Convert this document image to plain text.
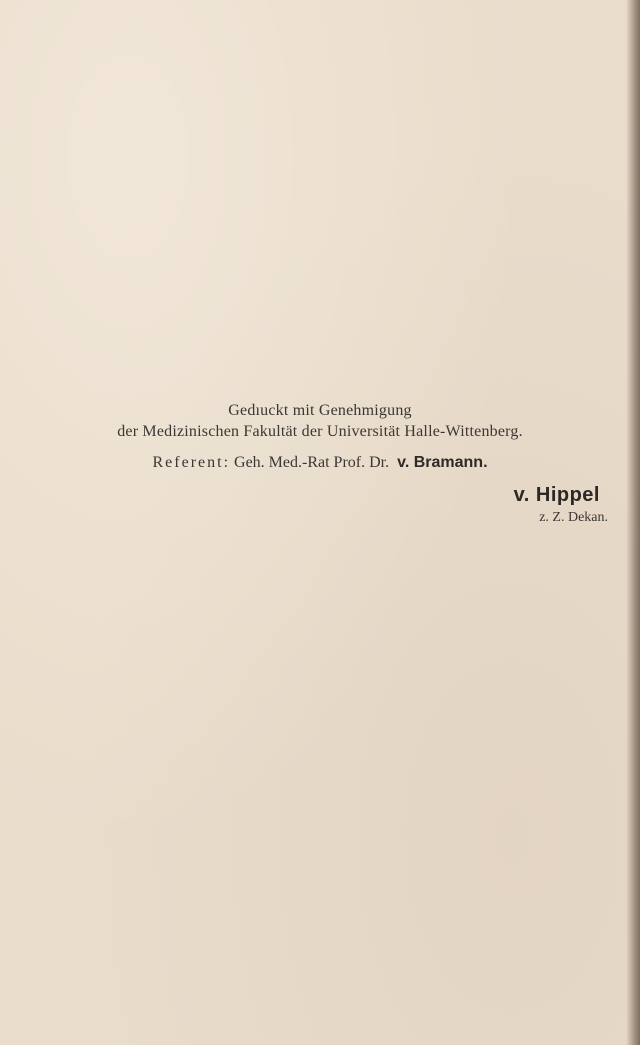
Gedıuckt mit Genehmigung
der Medizinischen Fakultät der Universität Halle-Wittenberg.
Referent: Geh. Med.-Rat Prof. Dr. v. Bramann.
v. Hippel
z. Z. Dekan.
